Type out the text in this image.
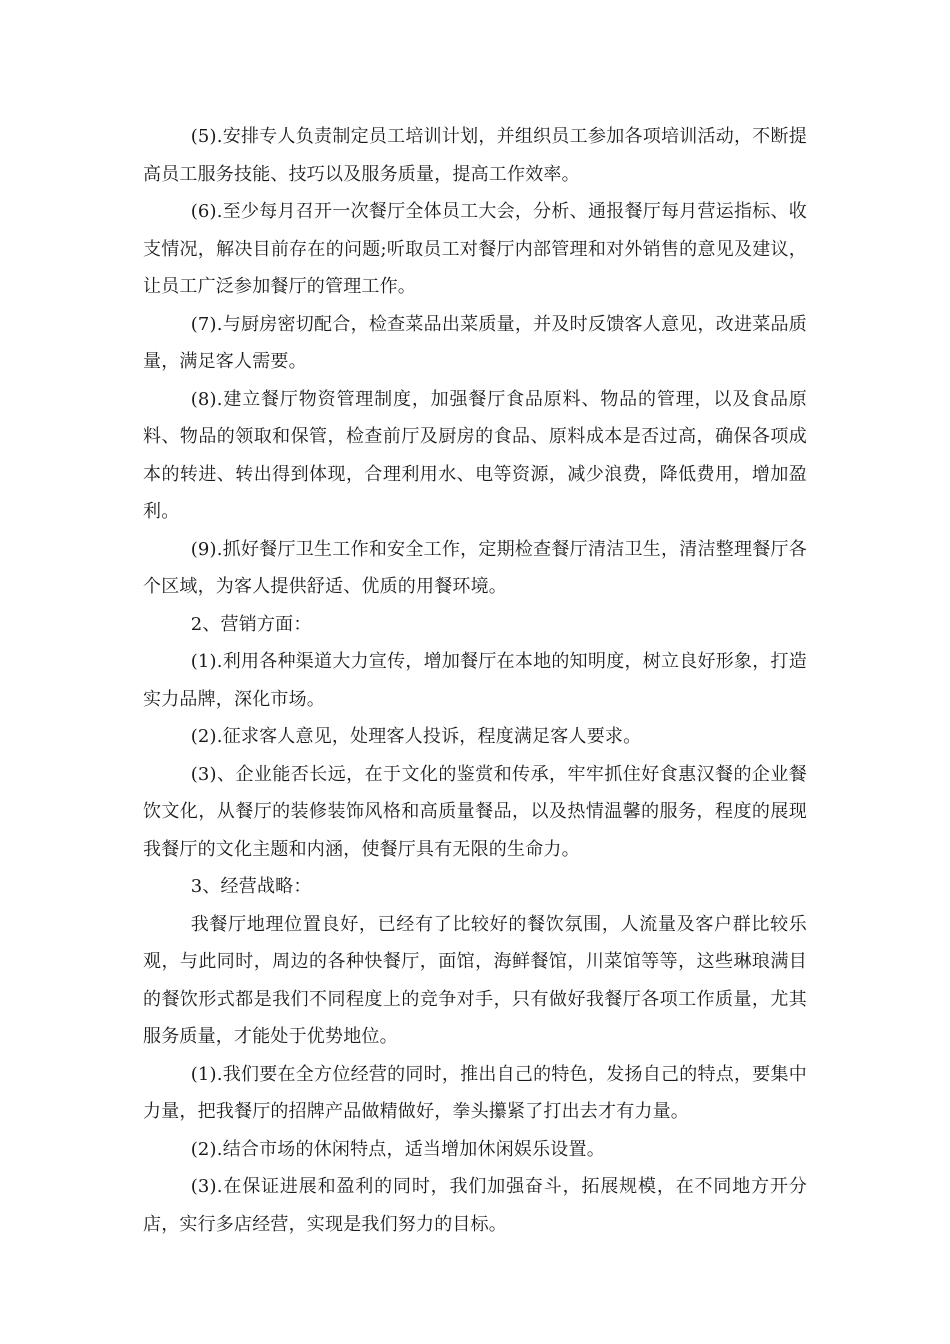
(5).安排专人负责制定员工培训计划，并组织员工参加各项培训活动，不断提高员工服务技能、技巧以及服务质量，提高工作效率。

(6).至少每月召开一次餐厅全体员工大会，分析、通报餐厅每月营运指标、收支情况，解决目前存在的问题;听取员工对餐厅内部管理和对外销售的意见及建议，让员工广泛参加餐厅的管理工作。

(7).与厨房密切配合，检查菜品出菜质量，并及时反馈客人意见，改进菜品质量，满足客人需要。

(8).建立餐厅物资管理制度，加强餐厅食品原料、物品的管理，以及食品原料、物品的领取和保管，检查前厅及厨房的食品、原料成本是否过高，确保各项成本的转进、转出得到体现，合理利用水、电等资源，减少浪费，降低费用，增加盈利。

(9).抓好餐厅卫生工作和安全工作，定期检查餐厅清洁卫生，清洁整理餐厅各个区域，为客人提供舒适、优质的用餐环境。

2、营销方面：

(1).利用各种渠道大力宣传，增加餐厅在本地的知明度，树立良好形象，打造实力品牌，深化市场。

(2).征求客人意见，处理客人投诉，程度满足客人要求。

(3)、企业能否长远，在于文化的鉴赏和传承，牢牢抓住好食惠汉餐的企业餐饮文化，从餐厅的装修装饰风格和高质量餐品，以及热情温馨的服务，程度的展现我餐厅的文化主题和内涵，使餐厅具有无限的生命力。

3、经营战略：

我餐厅地理位置良好，已经有了比较好的餐饮氛围，人流量及客户群比较乐观，与此同时，周边的各种快餐厅，面馆，海鲜餐馆，川菜馆等等，这些琳琅满目的餐饮形式都是我们不同程度上的竞争对手，只有做好我餐厅各项工作质量，尤其服务质量，才能处于优势地位。

(1).我们要在全方位经营的同时，推出自己的特色，发扬自己的特点，要集中力量，把我餐厅的招牌产品做精做好，拳头攥紧了打出去才有力量。

(2).结合市场的休闲特点，适当增加休闲娱乐设置。

(3).在保证进展和盈利的同时，我们加强奋斗，拓展规模，在不同地方开分店，实行多店经营，实现是我们努力的目标。
